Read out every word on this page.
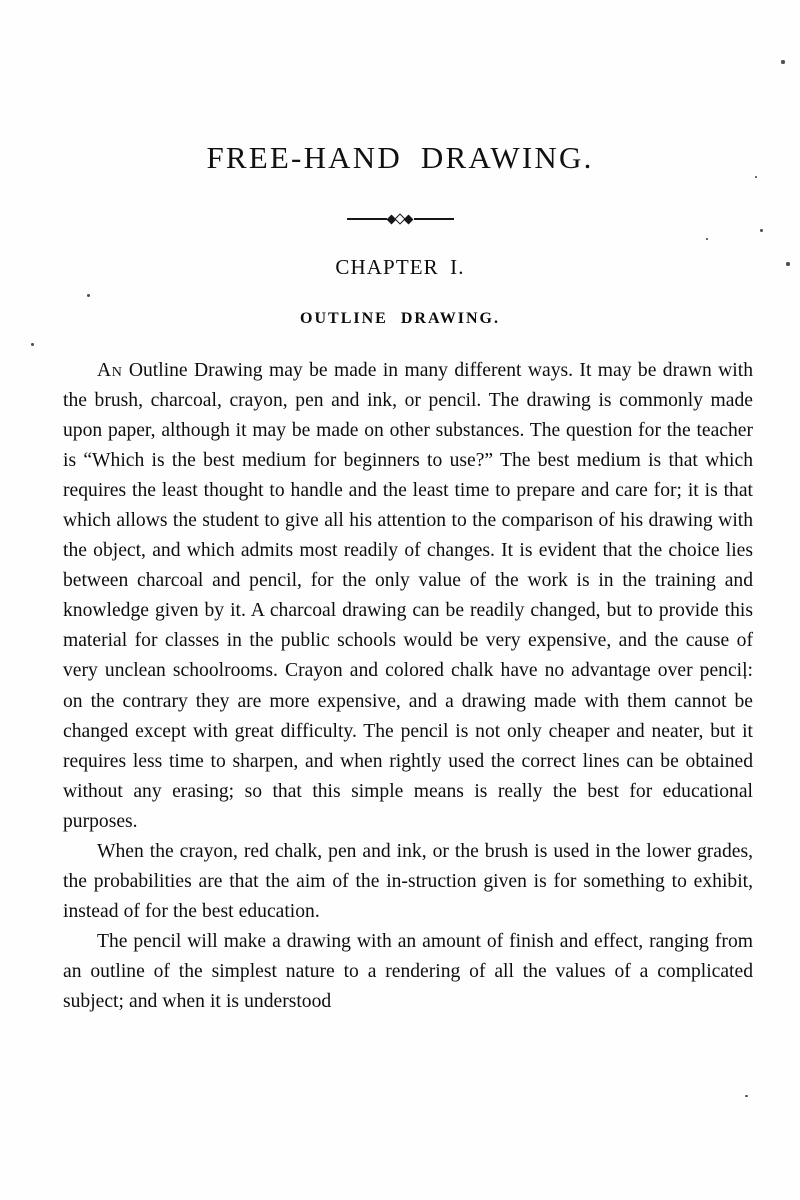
FREE-HAND DRAWING.
CHAPTER I.
OUTLINE DRAWING.

An Outline Drawing may be made in many different ways. It may be drawn with the brush, charcoal, crayon, pen and ink, or pencil. The drawing is commonly made upon paper, although it may be made on other substances. The question for the teacher is “Which is the best medium for beginners to use?” The best medium is that which requires the least thought to handle and the least time to prepare and care for; it is that which allows the student to give all his attention to the comparison of his drawing with the object, and which admits most readily of changes. It is evident that the choice lies between charcoal and pencil, for the only value of the work is in the training and knowledge given by it. A charcoal drawing can be readily changed, but to provide this material for classes in the public schools would be very expensive, and the cause of very unclean schoolrooms. Crayon and colored chalk have no advantage over pencil: on the contrary they are more expensive, and a drawing made with them cannot be changed except with great difficulty. The pencil is not only cheaper and neater, but it requires less time to sharpen, and when rightly used the correct lines can be obtained without any erasing; so that this simple means is really the best for educational purposes.

When the crayon, red chalk, pen and ink, or the brush is used in the lower grades, the probabilities are that the aim of the in-struction given is for something to exhibit, instead of for the best education.

The pencil will make a drawing with an amount of finish and effect, ranging from an outline of the simplest nature to a rendering of all the values of a complicated subject; and when it is understood
